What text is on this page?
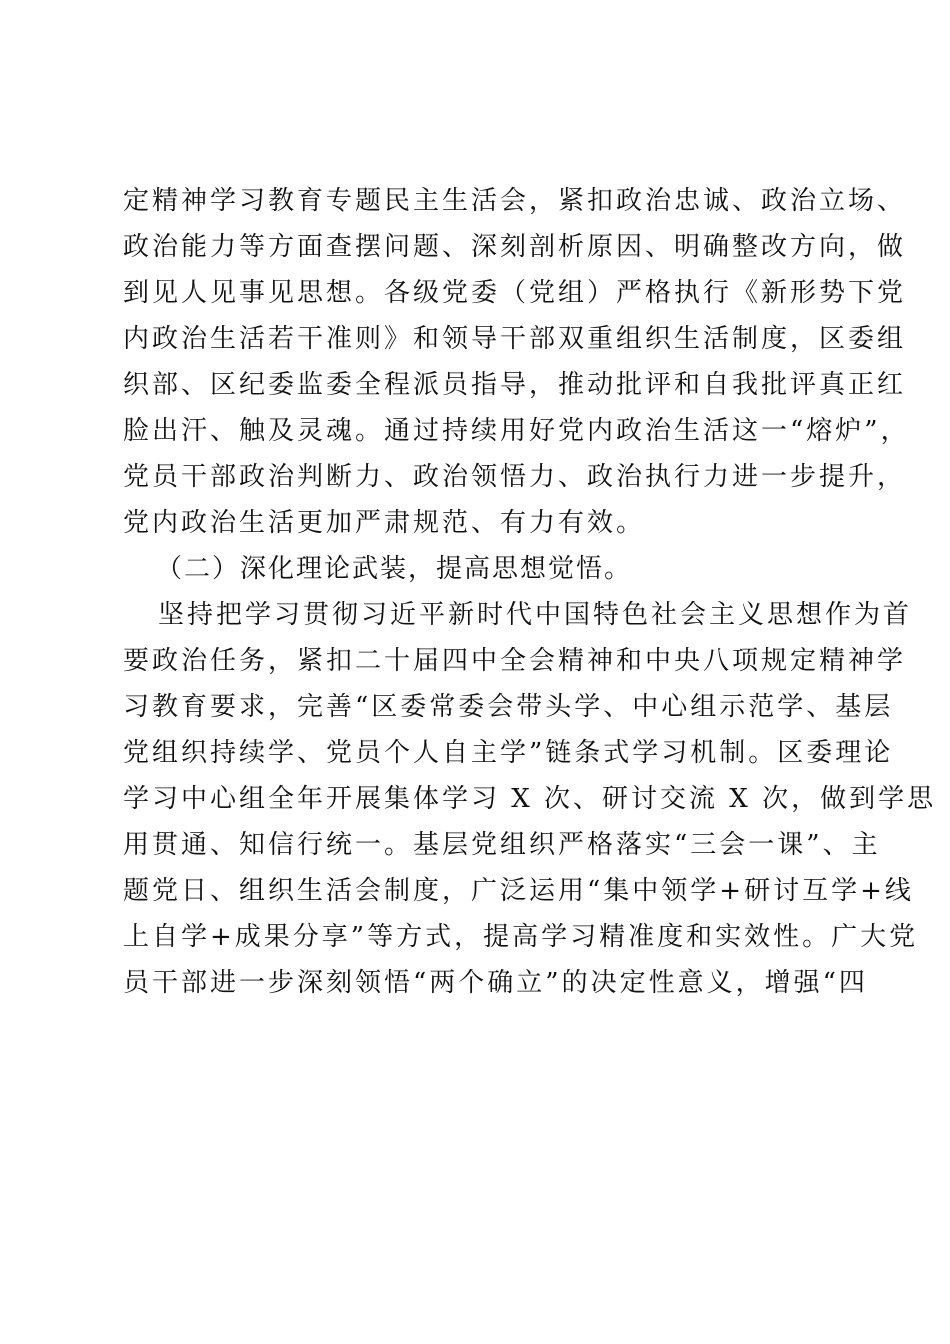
定精神学习教育专题民主生活会，紧扣政治忠诚、政治立场、
政治能力等方面查摆问题、深刻剖析原因、明确整改方向，做
到见人见事见思想。各级党委（党组）严格执行《新形势下党
内政治生活若干准则》和领导干部双重组织生活制度，区委组
织部、区纪委监委全程派员指导，推动批评和自我批评真正红
脸出汗、触及灵魂。通过持续用好党内政治生活这一“熔炉”，
党员干部政治判断力、政治领悟力、政治执行力进一步提升，
党内政治生活更加严肃规范、有力有效。
（二）深化理论武装，提高思想觉悟。
坚持把学习贯彻习近平新时代中国特色社会主义思想作为首
要政治任务，紧扣二十届四中全会精神和中央八项规定精神学
习教育要求，完善“区委常委会带头学、中心组示范学、基层
党组织持续学、党员个人自主学”链条式学习机制。区委理论
学习中心组全年开展集体学习 X 次、研讨交流 X 次，做到学思
用贯通、知信行统一。基层党组织严格落实“三会一课”、主
题党日、组织生活会制度，广泛运用“集中领学+研讨互学+线
上自学+成果分享”等方式，提高学习精准度和实效性。广大党
员干部进一步深刻领悟“两个确立”的决定性意义，增强“四
